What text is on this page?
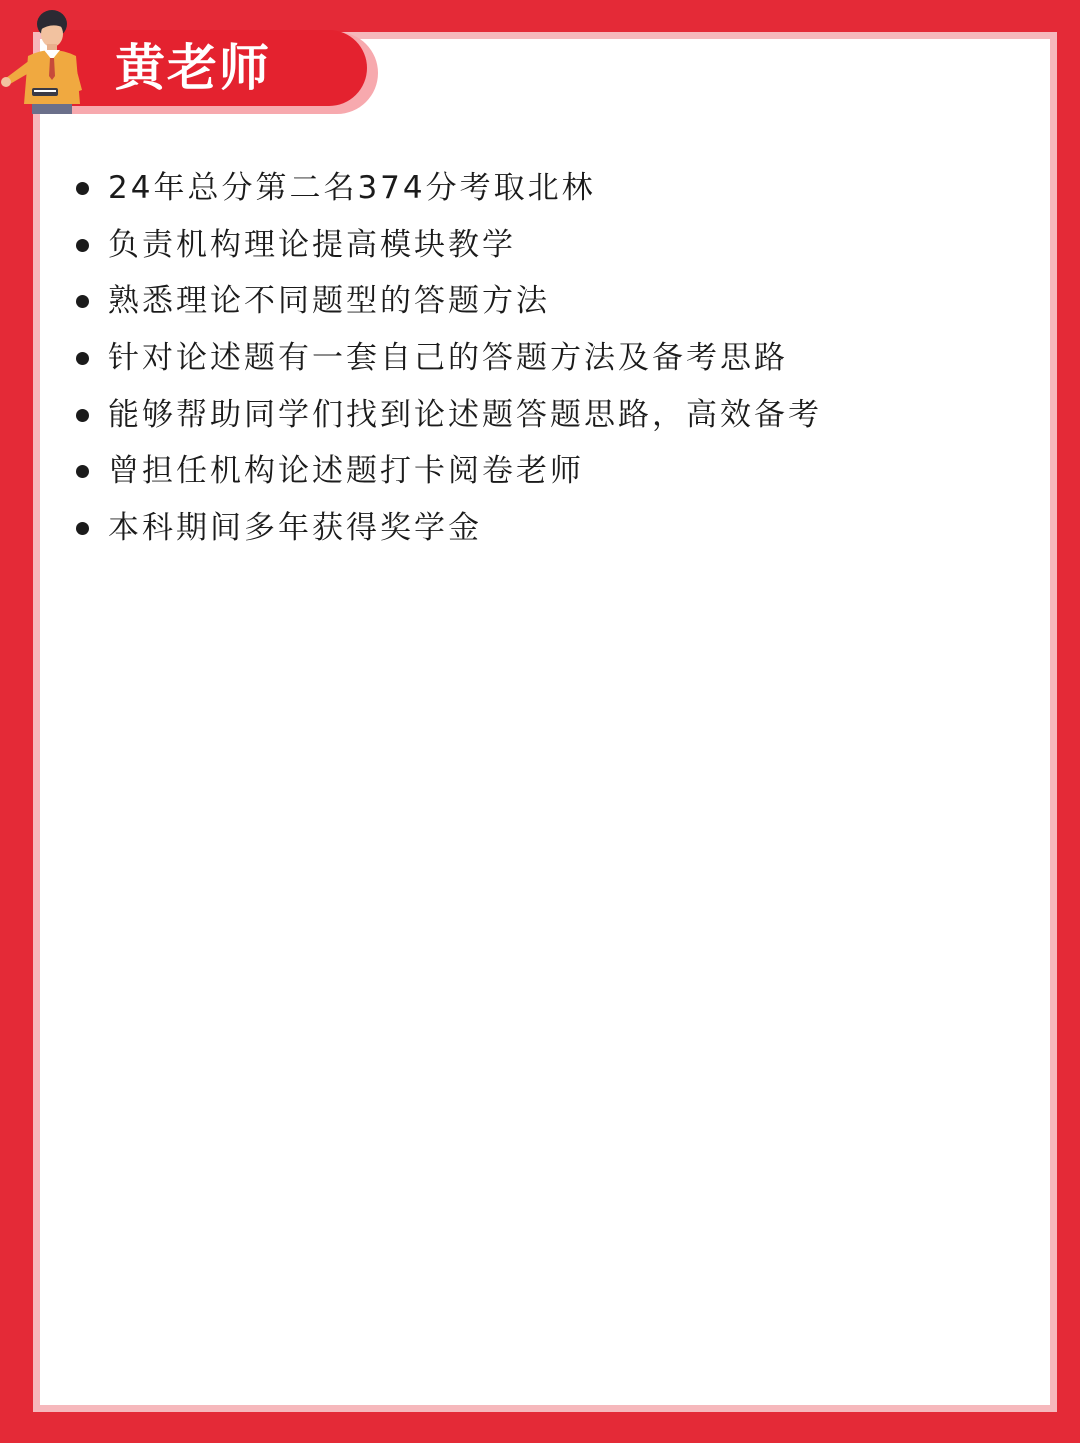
黄老师
24年总分第二名374分考取北林
负责机构理论提高模块教学
熟悉理论不同题型的答题方法
针对论述题有一套自己的答题方法及备考思路
能够帮助同学们找到论述题答题思路，高效备考
曾担任机构论述题打卡阅卷老师
本科期间多年获得奖学金
